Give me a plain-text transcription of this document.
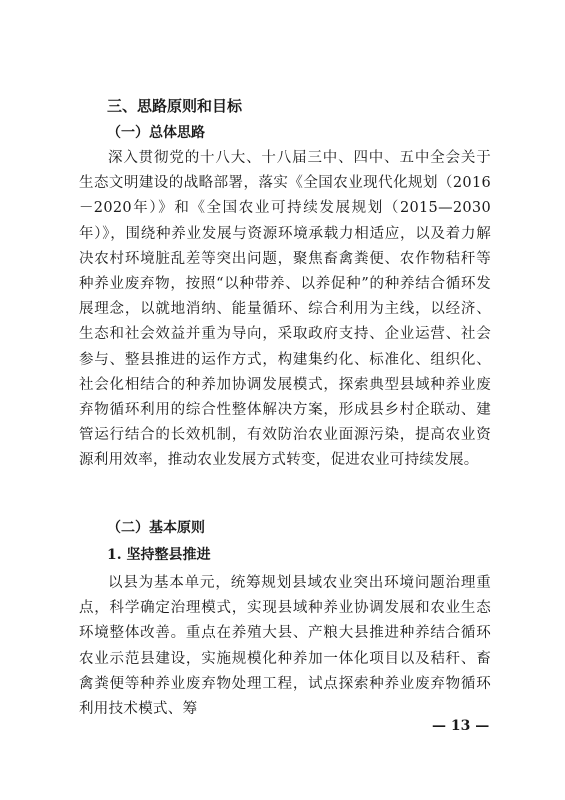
三、思路原则和目标
（一）总体思路

深入贯彻党的十八大、十八届三中、四中、五中全会关于生态文明建设的战略部署，落实《全国农业现代化规划（2016－2020年）》和《全国农业可持续发展规划（2015—2030年）》，围绕种养业发展与资源环境承载力相适应，以及着力解决农村环境脏乱差等突出问题，聚焦畜禽粪便、农作物秸秆等种养业废弃物，按照“以种带养、以养促种”的种养结合循环发展理念，以就地消纳、能量循环、综合利用为主线，以经济、生态和社会效益并重为导向，采取政府支持、企业运营、社会参与、整县推进的运作方式，构建集约化、标准化、组织化、社会化相结合的种养加协调发展模式，探索典型县域种养业废弃物循环利用的综合性整体解决方案，形成县乡村企联动、建管运行结合的长效机制，有效防治农业面源污染，提高农业资源利用效率，推动农业发展方式转变，促进农业可持续发展。

（二）基本原则
1. 坚持整县推进

以县为基本单元，统筹规划县域农业突出环境问题治理重点，科学确定治理模式，实现县域种养业协调发展和农业生态环境整体改善。重点在养殖大县、产粮大县推进种养结合循环农业示范县建设，实施规模化种养加一体化项目以及秸秆、畜禽粪便等种养业废弃物处理工程，试点探索种养业废弃物循环利用技术模式、筹

— 13 —
